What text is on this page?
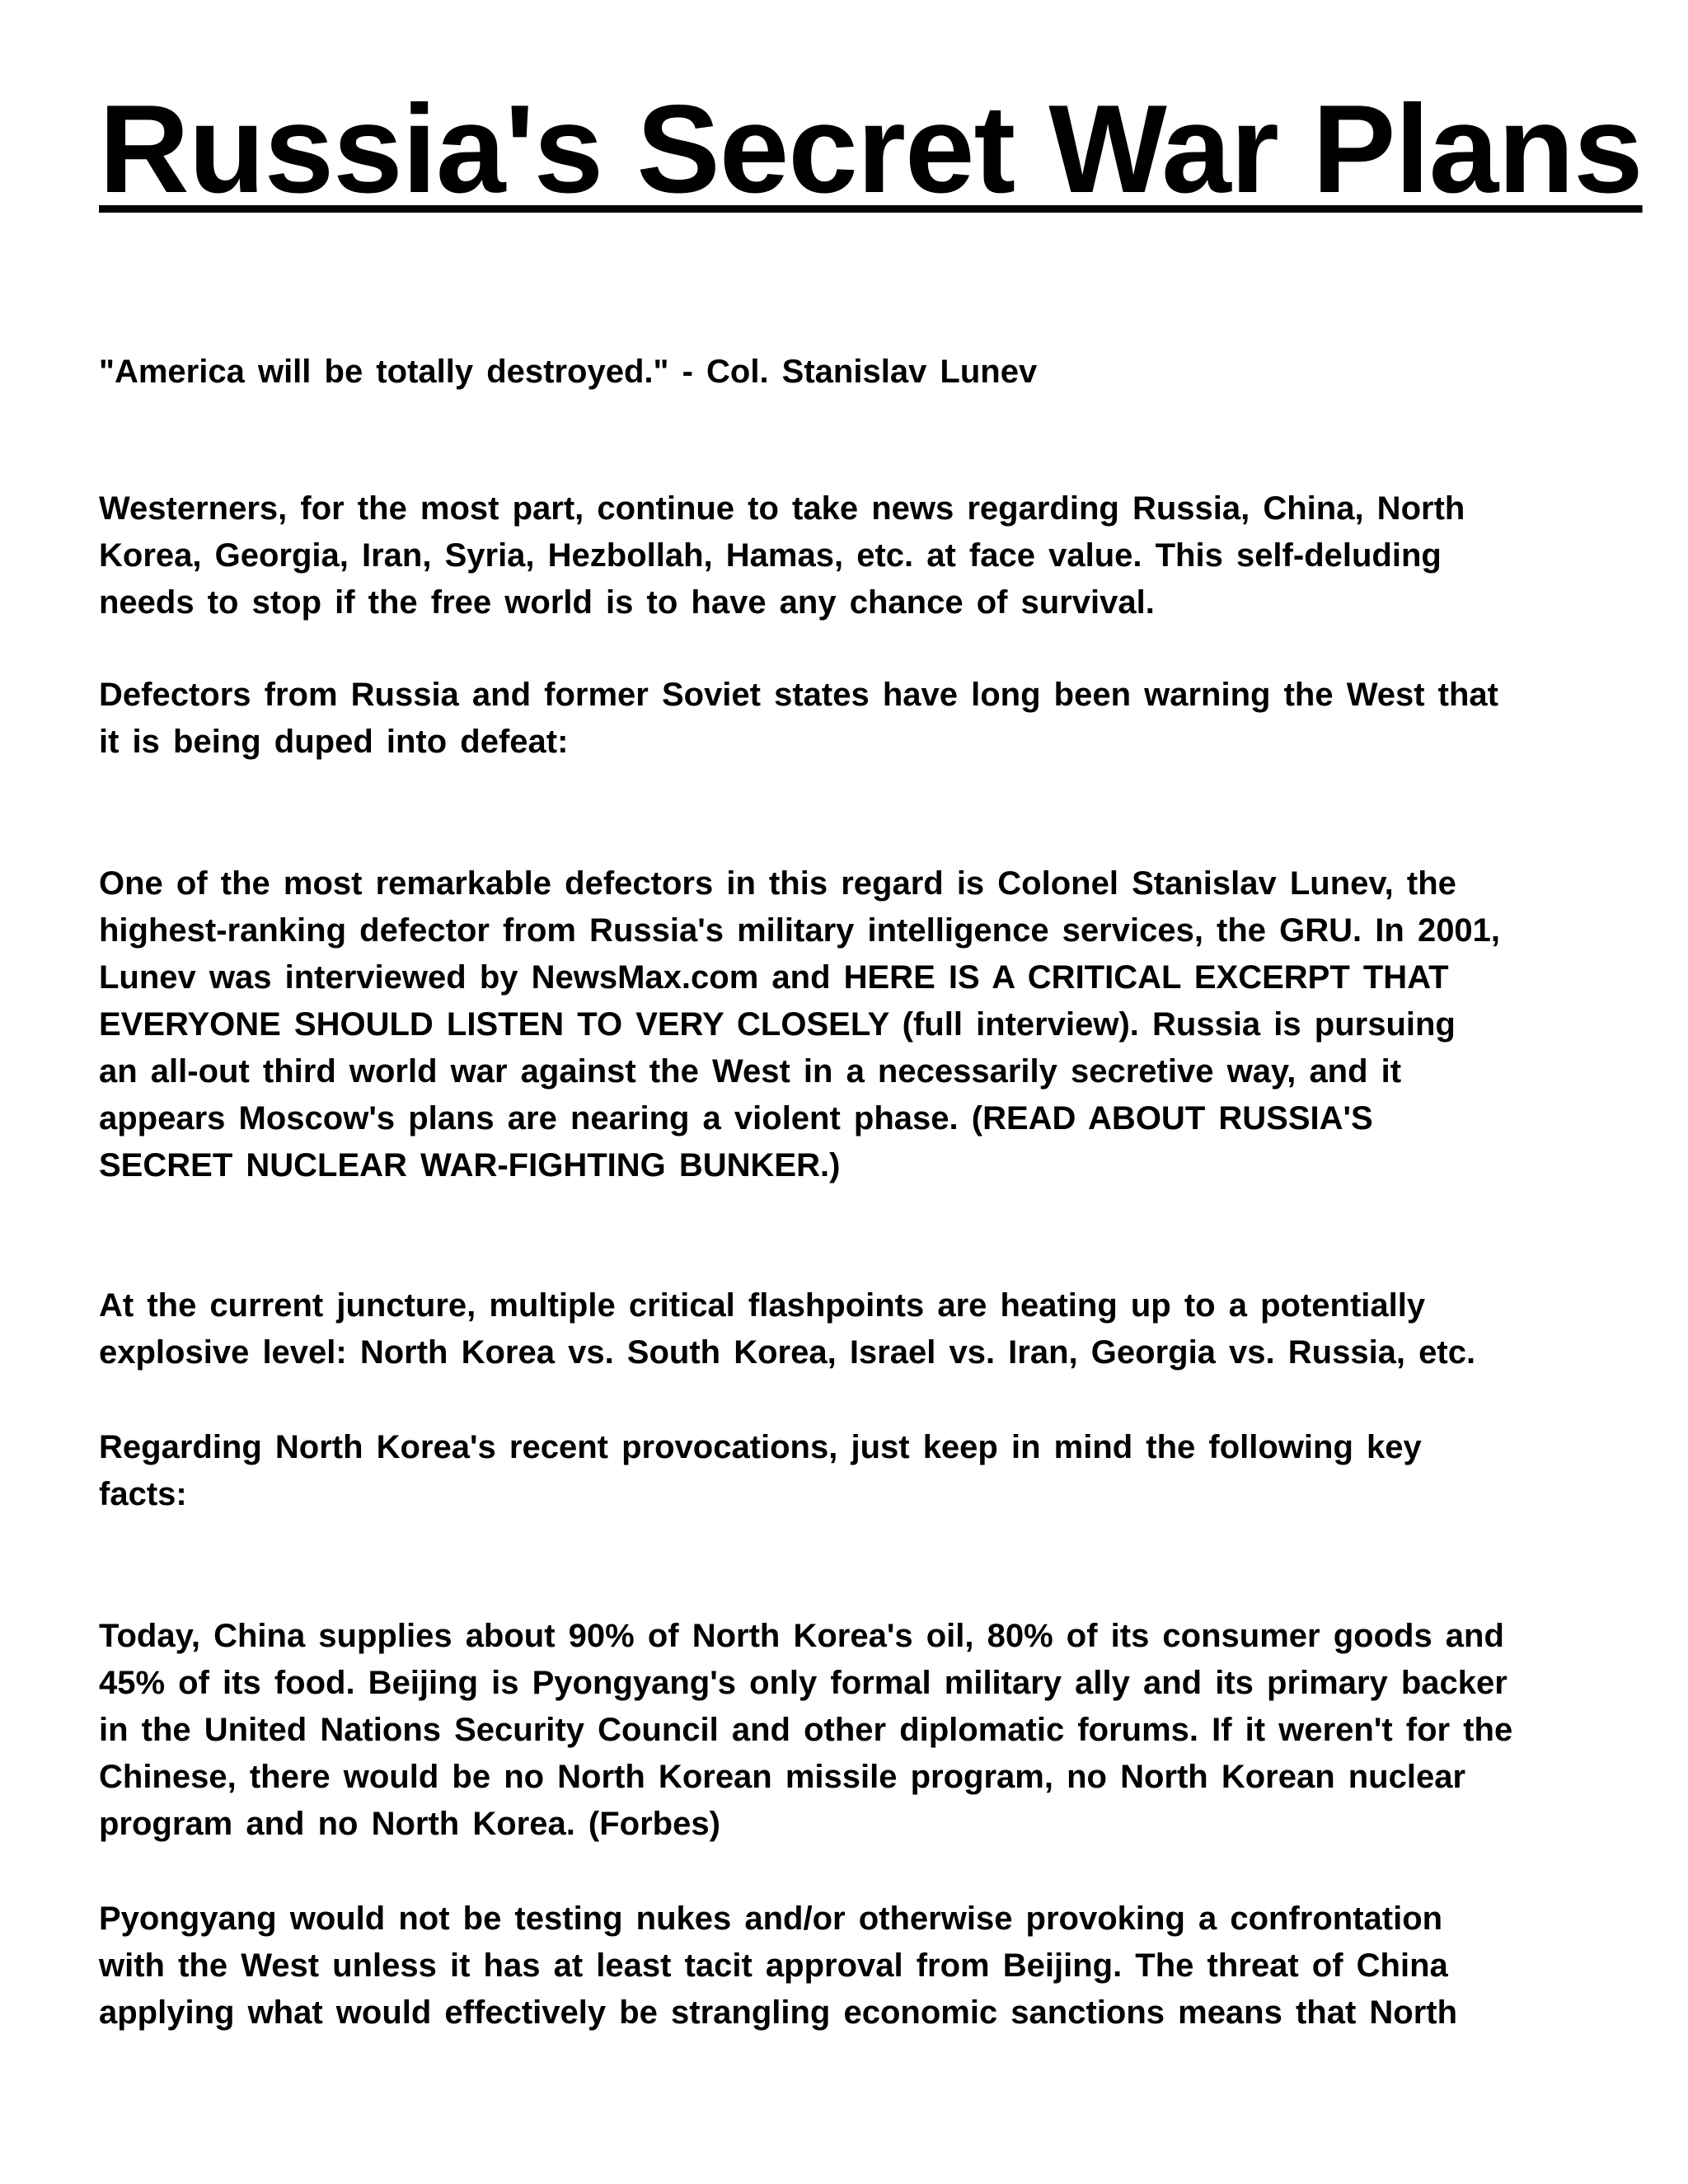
Russia's Secret War Plans
"America will be totally destroyed." - Col. Stanislav Lunev
Westerners, for the most part, continue to take news regarding Russia, China, North
Korea, Georgia, Iran, Syria, Hezbollah, Hamas, etc. at face value. This self-deluding
needs to stop if the free world is to have any chance of survival.
Defectors from Russia and former Soviet states have long been warning the West that
it is being duped into defeat:
One of the most remarkable defectors in this regard is Colonel Stanislav Lunev, the
highest-ranking defector from Russia's military intelligence services, the GRU. In 2001,
Lunev was interviewed by NewsMax.com and HERE IS A CRITICAL EXCERPT THAT
EVERYONE SHOULD LISTEN TO VERY CLOSELY (full interview). Russia is pursuing
an all-out third world war against the West in a necessarily secretive way, and it
appears Moscow's plans are nearing a violent phase. (READ ABOUT RUSSIA'S
SECRET NUCLEAR WAR-FIGHTING BUNKER.)
At the current juncture, multiple critical flashpoints are heating up to a potentially
explosive level: North Korea vs. South Korea, Israel vs. Iran, Georgia vs. Russia, etc.
Regarding North Korea's recent provocations, just keep in mind the following key
facts:
Today, China supplies about 90% of North Korea's oil, 80% of its consumer goods and
45% of its food. Beijing is Pyongyang's only formal military ally and its primary backer
in the United Nations Security Council and other diplomatic forums. If it weren't for the
Chinese, there would be no North Korean missile program, no North Korean nuclear
program and no North Korea. (Forbes)
Pyongyang would not be testing nukes and/or otherwise provoking a confrontation
with the West unless it has at least tacit approval from Beijing. The threat of China
applying what would effectively be strangling economic sanctions means that North
